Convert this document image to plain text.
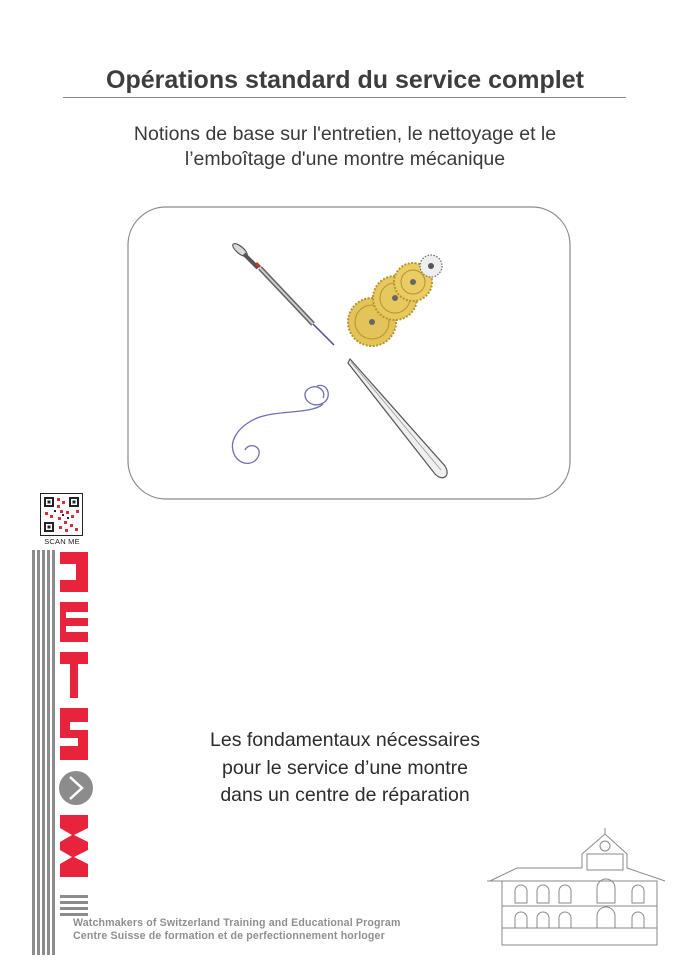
Opérations standard du service complet
Notions de base sur l'entretien, le nettoyage et le
l’emboîtage d'une montre mécanique
SCAN ME
Les fondamentaux nécessaires
pour le service d’une montre
dans un centre de réparation
Watchmakers of Switzerland Training and Educational Program
Centre Suisse de formation et de perfectionnement horloger
